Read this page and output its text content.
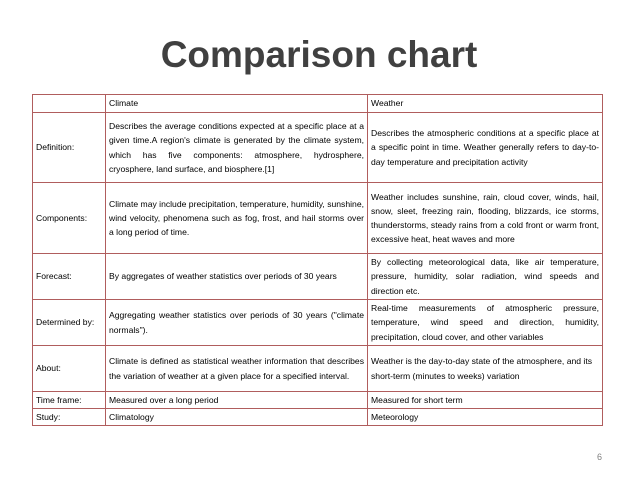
Comparison chart
	Climate	Weather
Definition:	Describes the average conditions expected at a specific place at a given time.A region's climate is generated by the climate system, which has five components: atmosphere, hydrosphere, cryosphere, land surface, and biosphere.[1]	Describes the atmospheric conditions at a specific place at a specific point in time. Weather generally refers to day-to-day temperature and precipitation activity
Components:	Climate may include precipitation, temperature, humidity, sunshine, wind velocity, phenomena such as fog, frost, and hail storms over a long period of time.	Weather includes sunshine, rain, cloud cover, winds, hail, snow, sleet, freezing rain, flooding, blizzards, ice storms, thunderstorms, steady rains from a cold front or warm front, excessive heat, heat waves and more
Forecast:	By aggregates of weather statistics over periods of 30 years	By collecting meteorological data, like air temperature, pressure, humidity, solar radiation, wind speeds and direction etc.
Determined by:	Aggregating weather statistics over periods of 30 years ("climate normals").	Real-time measurements of atmospheric pressure, temperature, wind speed and direction, humidity, precipitation, cloud cover, and other variables
About:	Climate is defined as statistical weather information that describes the variation of weather at a given place for a specified interval.	Weather is the day-to-day state of the atmosphere, and its short-term (minutes to weeks) variation
Time frame:	Measured over a long period	Measured for short term
Study:	Climatology	Meteorology
6
